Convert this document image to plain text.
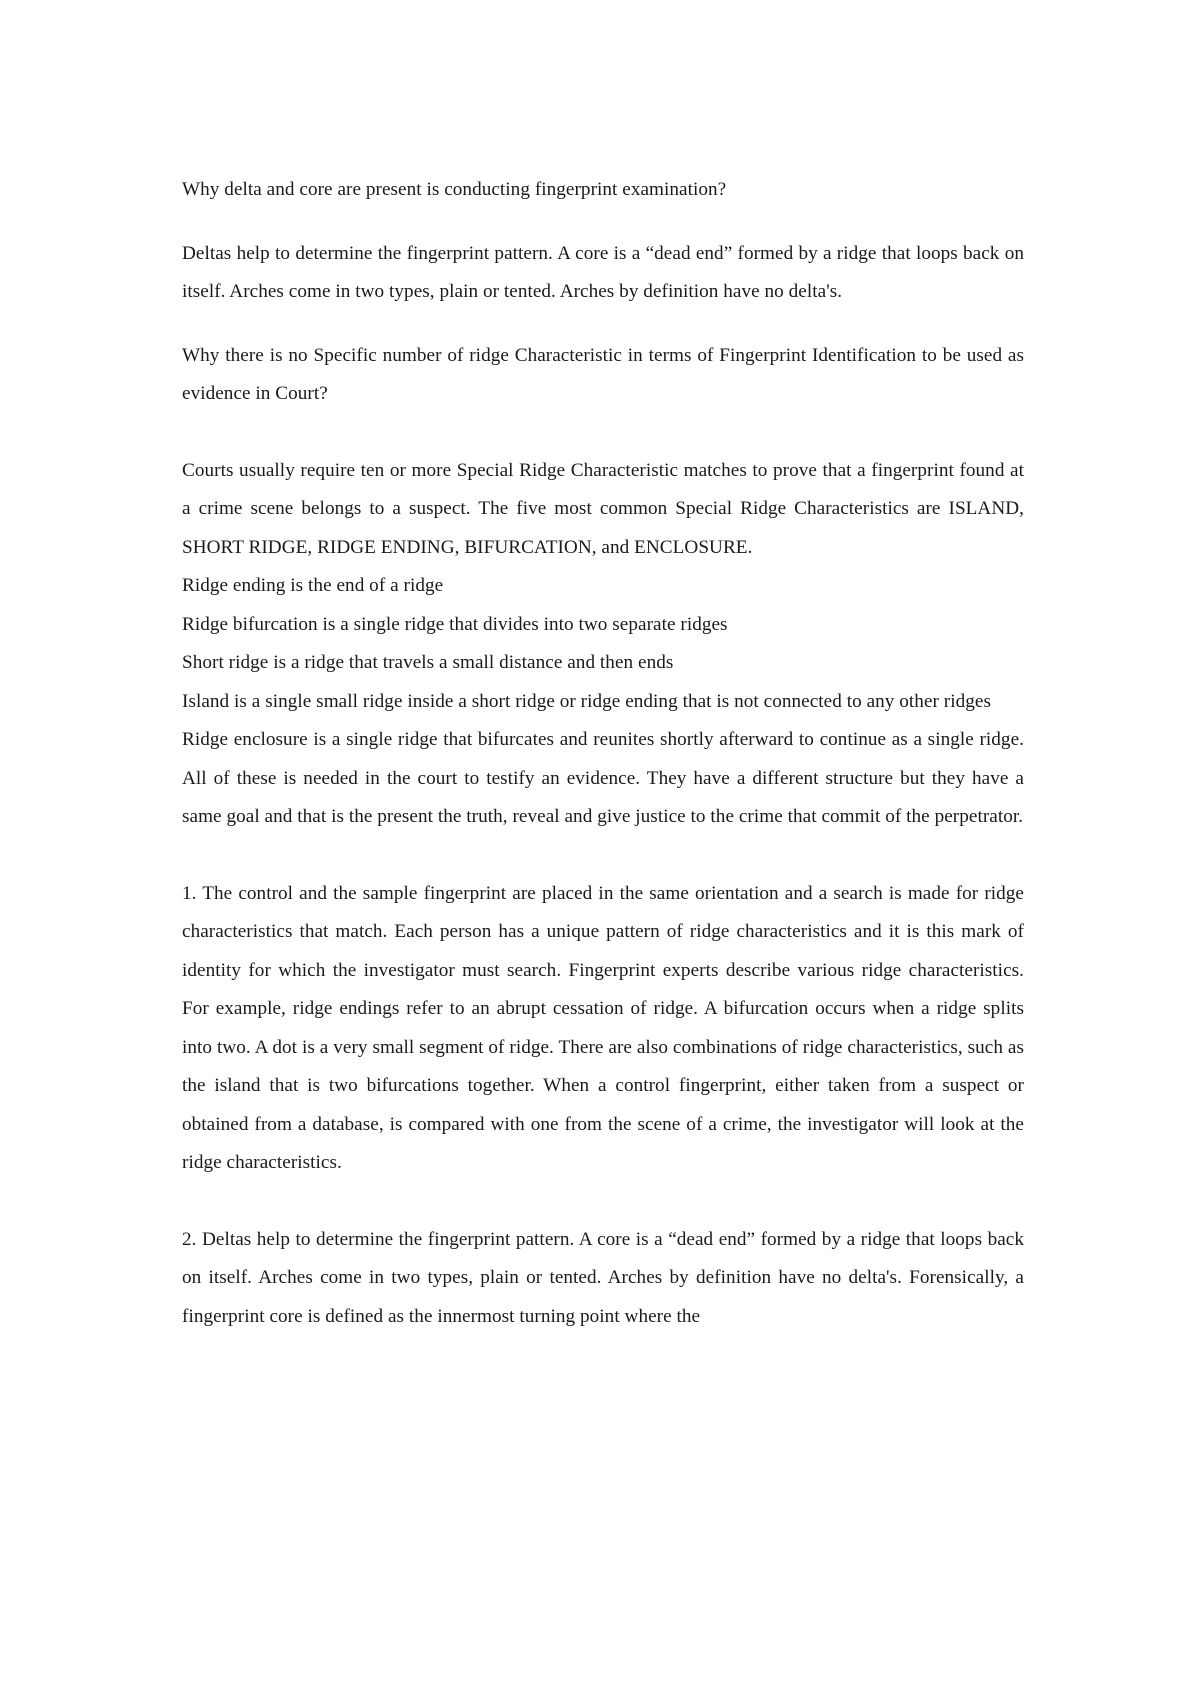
Why delta and core are present is conducting fingerprint examination?

Deltas help to determine the fingerprint pattern. A core is a “dead end” formed by a ridge that loops back on itself. Arches come in two types, plain or tented. Arches by definition have no delta's.

Why there is no Specific number of ridge Characteristic in terms of Fingerprint Identification to be used as evidence in Court?

Courts usually require ten or more Special Ridge Characteristic matches to prove that a fingerprint found at a crime scene belongs to a suspect. The five most common Special Ridge Characteristics are ISLAND, SHORT RIDGE, RIDGE ENDING, BIFURCATION, and ENCLOSURE.

Ridge ending is the end of a ridge

Ridge bifurcation is a single ridge that divides into two separate ridges

Short ridge is a ridge that travels a small distance and then ends

Island is a single small ridge inside a short ridge or ridge ending that is not connected to any other ridges

Ridge enclosure is a single ridge that bifurcates and reunites shortly afterward to continue as a single ridge. All of these is needed in the court to testify an evidence. They have a different structure but they have a same goal and that is the present the truth, reveal and give justice to the crime that commit of the perpetrator.

1. The control and the sample fingerprint are placed in the same orientation and a search is made for ridge characteristics that match. Each person has a unique pattern of ridge characteristics and it is this mark of identity for which the investigator must search. Fingerprint experts describe various ridge characteristics. For example, ridge endings refer to an abrupt cessation of ridge. A bifurcation occurs when a ridge splits into two. A dot is a very small segment of ridge. There are also combinations of ridge characteristics, such as the island that is two bifurcations together. When a control fingerprint, either taken from a suspect or obtained from a database, is compared with one from the scene of a crime, the investigator will look at the ridge characteristics.

2. Deltas help to determine the fingerprint pattern. A core is a “dead end” formed by a ridge that loops back on itself. Arches come in two types, plain or tented. Arches by definition have no delta's. Forensically, a fingerprint core is defined as the innermost turning point where the
